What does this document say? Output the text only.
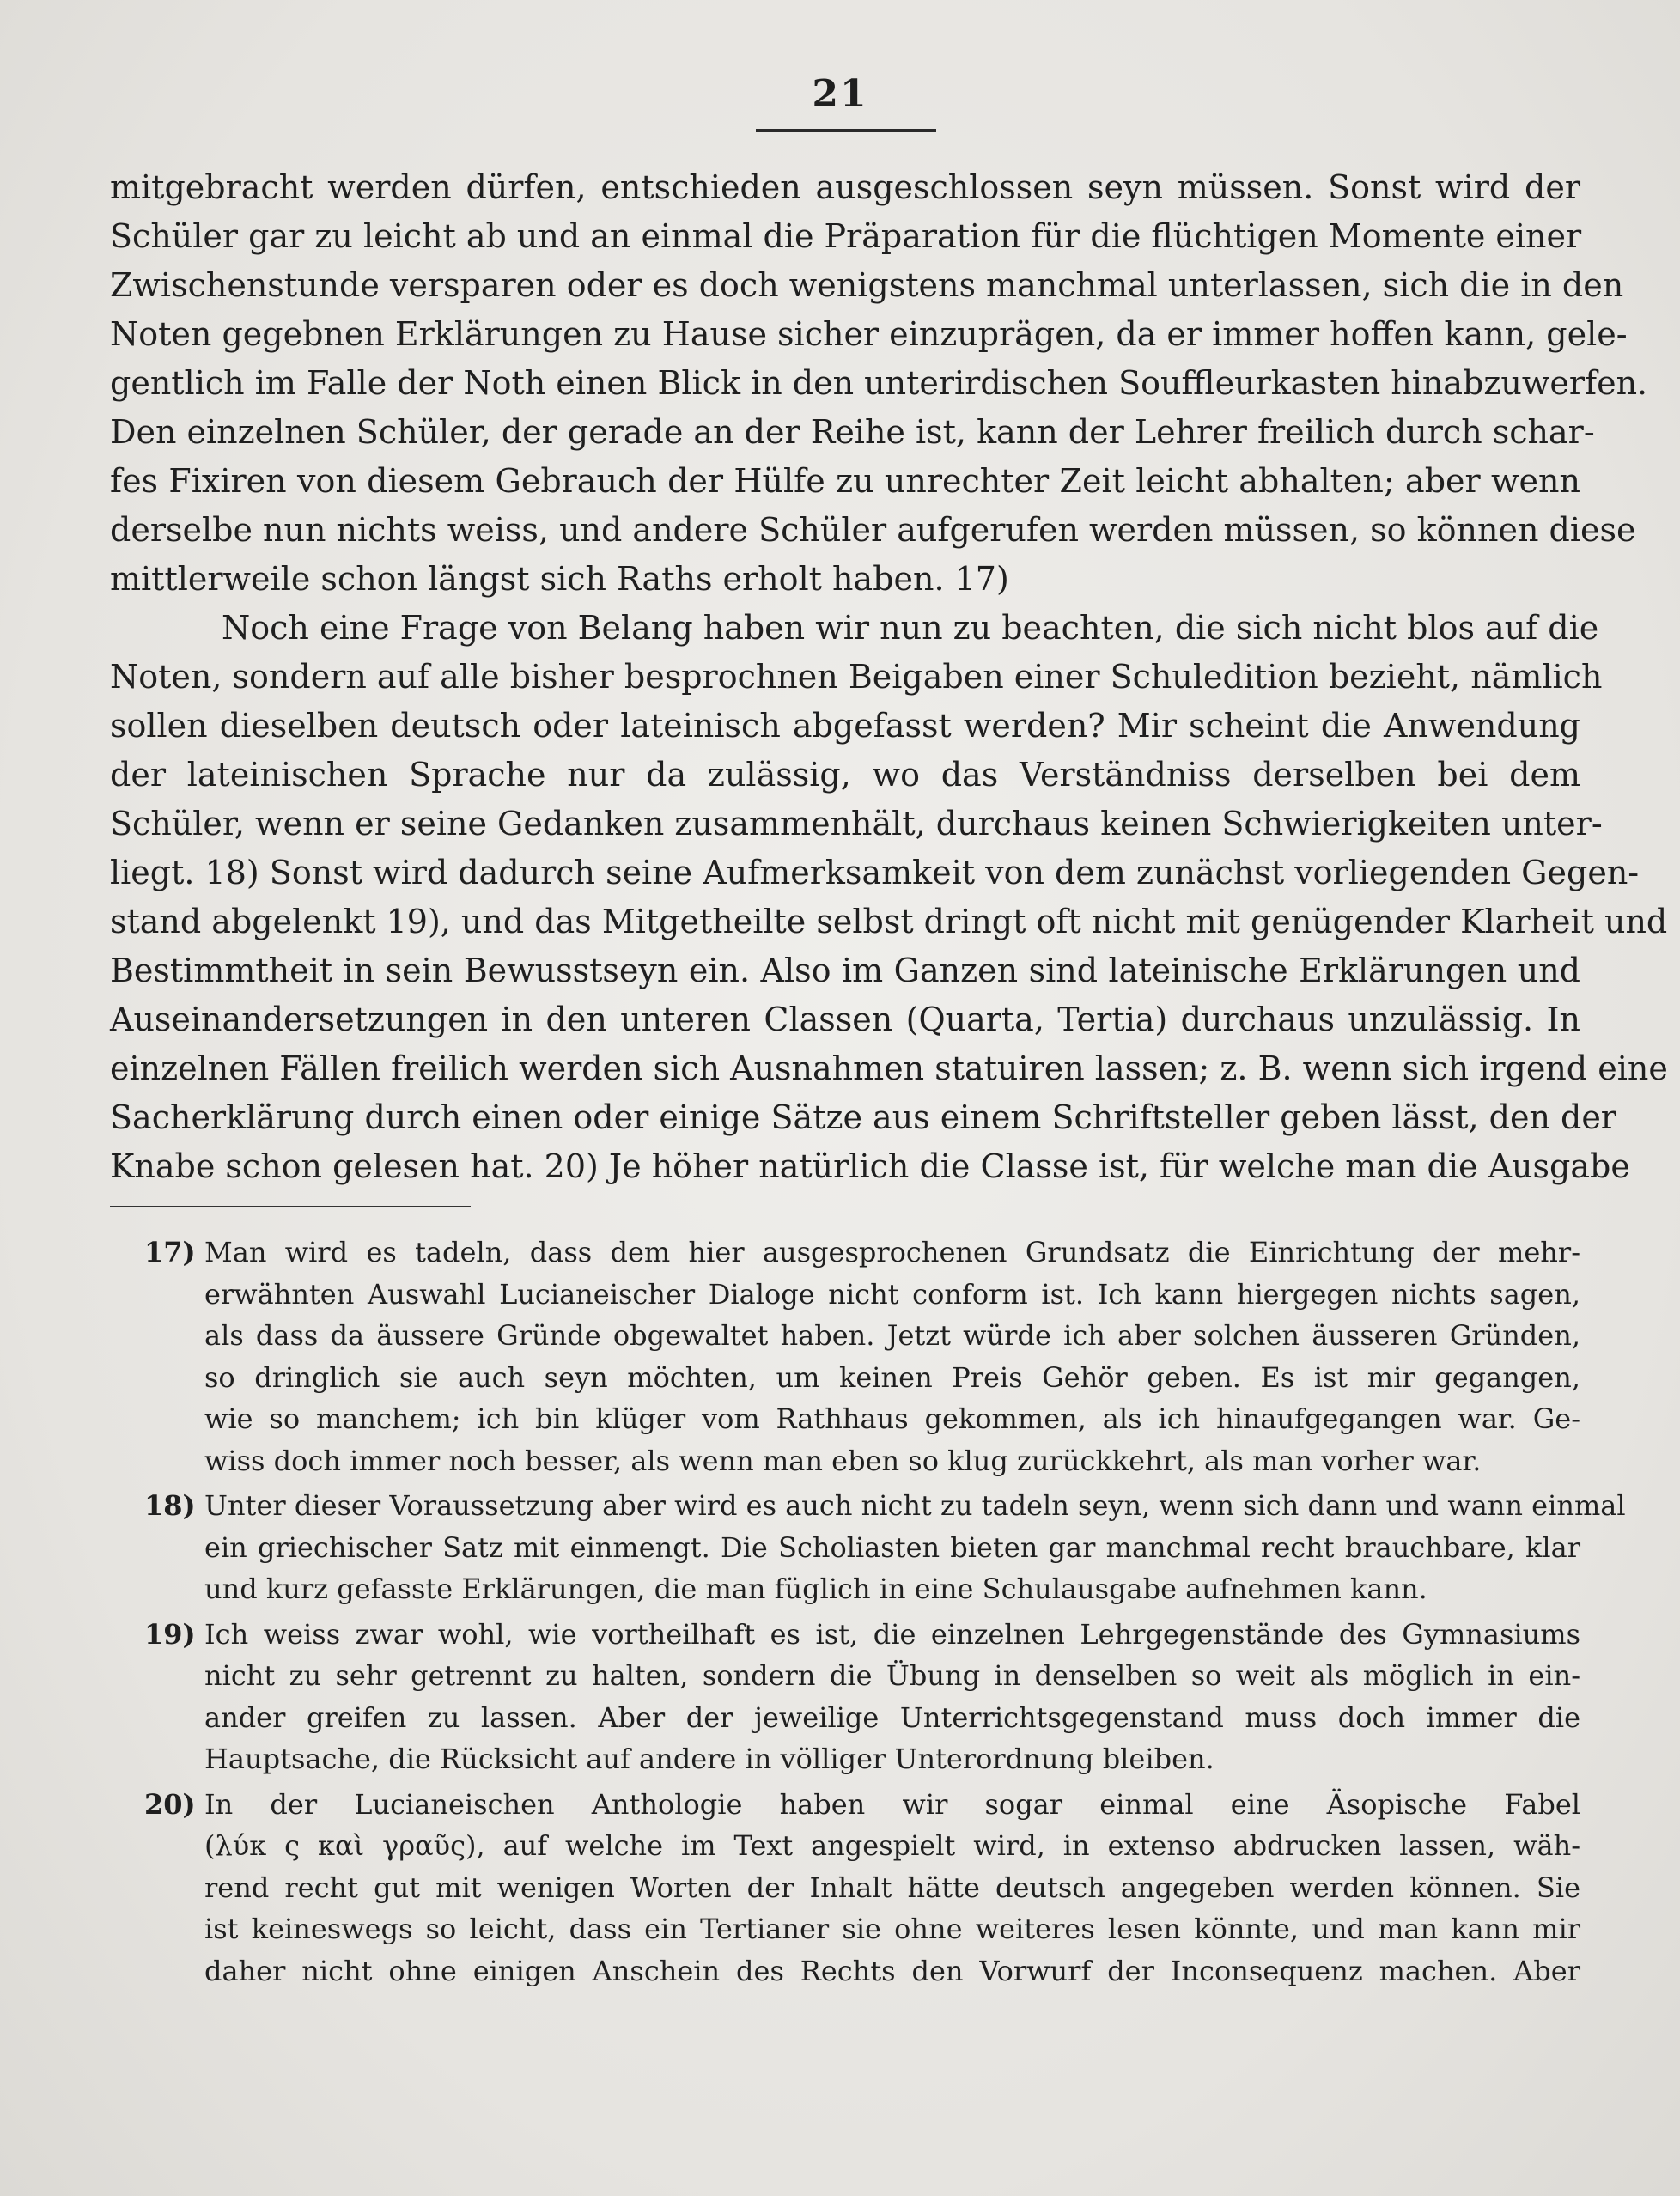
21
mitgebracht werden dürfen, entschieden ausgeschlossen seyn müssen. Sonst wird der
Schüler gar zu leicht ab und an einmal die Präparation für die flüchtigen Momente einer
Zwischenstunde versparen oder es doch wenigstens manchmal unterlassen, sich die in den
Noten gegebnen Erklärungen zu Hause sicher einzuprägen, da er immer hoffen kann, gele-
gentlich im Falle der Noth einen Blick in den unterirdischen Souffleurkasten hinabzuwerfen.
Den einzelnen Schüler, der gerade an der Reihe ist, kann der Lehrer freilich durch schar-
fes Fixiren von diesem Gebrauch der Hülfe zu unrechter Zeit leicht abhalten; aber wenn
derselbe nun nichts weiss, und andere Schüler aufgerufen werden müssen, so können diese
mittlerweile schon längst sich Raths erholt haben. 17)
Noch eine Frage von Belang haben wir nun zu beachten, die sich nicht blos auf die
Noten, sondern auf alle bisher besprochnen Beigaben einer Schuledition bezieht, nämlich
sollen dieselben deutsch oder lateinisch abgefasst werden? Mir scheint die Anwendung
der lateinischen Sprache nur da zulässig, wo das Verständniss derselben bei dem
Schüler, wenn er seine Gedanken zusammenhält, durchaus keinen Schwierigkeiten unter-
liegt. 18) Sonst wird dadurch seine Aufmerksamkeit von dem zunächst vorliegenden Gegen-
stand abgelenkt 19), und das Mitgetheilte selbst dringt oft nicht mit genügender Klarheit und
Bestimmtheit in sein Bewusstseyn ein. Also im Ganzen sind lateinische Erklärungen und
Auseinandersetzungen in den unteren Classen (Quarta, Tertia) durchaus unzulässig. In
einzelnen Fällen freilich werden sich Ausnahmen statuiren lassen; z. B. wenn sich irgend eine
Sacherklärung durch einen oder einige Sätze aus einem Schriftsteller geben lässt, den der
Knabe schon gelesen hat. 20) Je höher natürlich die Classe ist, für welche man die Ausgabe
17) Man wird es tadeln, dass dem hier ausgesprochenen Grundsatz die Einrichtung der mehr-
erwähnten Auswahl Lucianeischer Dialoge nicht conform ist. Ich kann hiergegen nichts sagen,
als dass da äussere Gründe obgewaltet haben. Jetzt würde ich aber solchen äusseren Gründen,
so dringlich sie auch seyn möchten, um keinen Preis Gehör geben. Es ist mir gegangen,
wie so manchem; ich bin klüger vom Rathhaus gekommen, als ich hinaufgegangen war. Ge-
wiss doch immer noch besser, als wenn man eben so klug zurückkehrt, als man vorher war.
18) Unter dieser Voraussetzung aber wird es auch nicht zu tadeln seyn, wenn sich dann und wann einmal
ein griechischer Satz mit einmengt. Die Scholiasten bieten gar manchmal recht brauchbare, klar
und kurz gefasste Erklärungen, die man füglich in eine Schulausgabe aufnehmen kann.
19) Ich weiss zwar wohl, wie vortheilhaft es ist, die einzelnen Lehrgegenstände des Gymnasiums
nicht zu sehr getrennt zu halten, sondern die Übung in denselben so weit als möglich in ein-
ander greifen zu lassen. Aber der jeweilige Unterrichtsgegenstand muss doch immer die
Hauptsache, die Rücksicht auf andere in völliger Unterordnung bleiben.
20) In der Lucianeischen Anthologie haben wir sogar einmal eine Äsopische Fabel
(λύκ ς καὶ γραῦς), auf welche im Text angespielt wird, in extenso abdrucken lassen, wäh-
rend recht gut mit wenigen Worten der Inhalt hätte deutsch angegeben werden können. Sie
ist keineswegs so leicht, dass ein Tertianer sie ohne weiteres lesen könnte, und man kann mir
daher nicht ohne einigen Anschein des Rechts den Vorwurf der Inconsequenz machen. Aber
